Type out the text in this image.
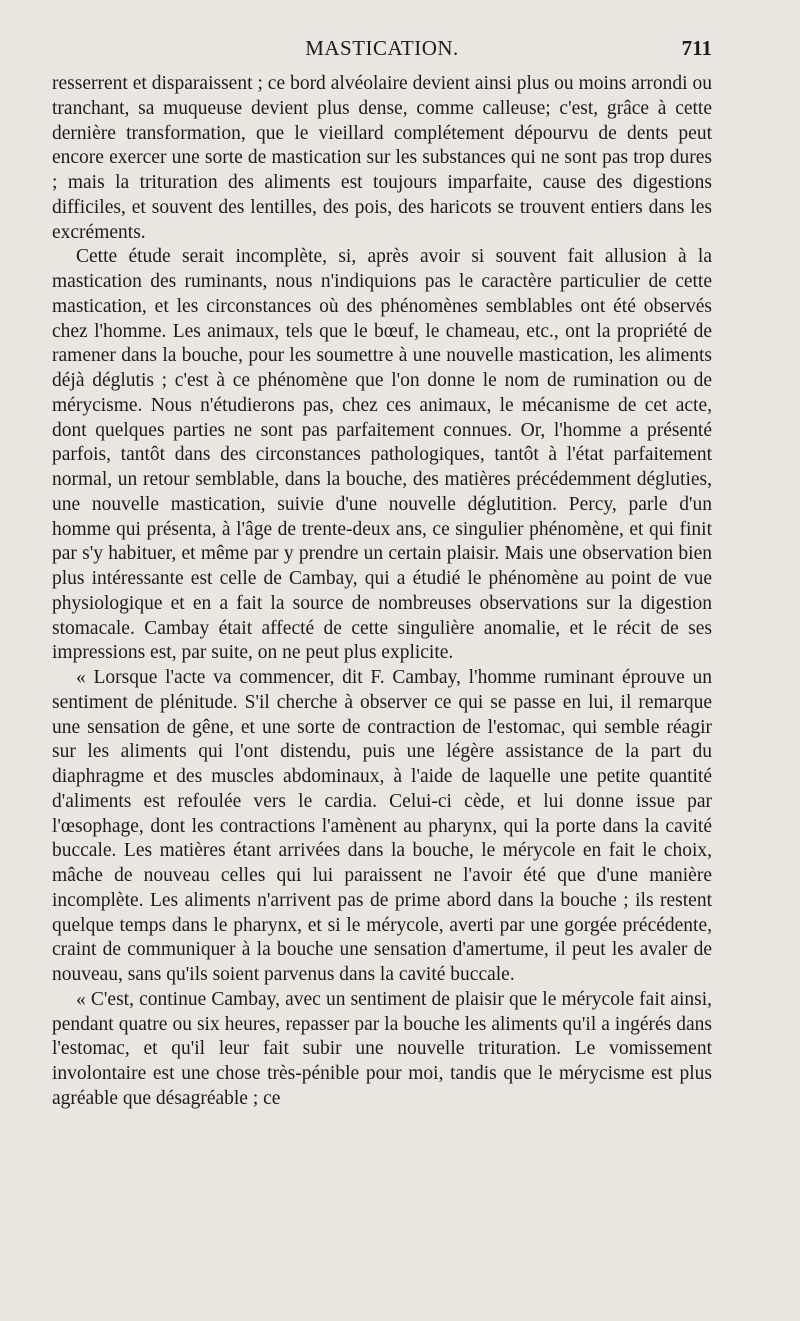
MASTICATION.	711

resserrent et disparaissent ; ce bord alvéolaire devient ainsi plus ou moins arrondi ou tranchant, sa muqueuse devient plus dense, comme calleuse; c'est, grâce à cette dernière transformation, que le vieillard complétement dépourvu de dents peut encore exercer une sorte de mastication sur les substances qui ne sont pas trop dures ; mais la trituration des aliments est toujours imparfaite, cause des digestions difficiles, et souvent des lentilles, des pois, des haricots se trouvent entiers dans les excréments.

Cette étude serait incomplète, si, après avoir si souvent fait allusion à la mastication des ruminants, nous n'indiquions pas le caractère particulier de cette mastication, et les circonstances où des phénomènes semblables ont été observés chez l'homme. Les animaux, tels que le bœuf, le chameau, etc., ont la propriété de ramener dans la bouche, pour les soumettre à une nouvelle mastication, les aliments déjà déglutis ; c'est à ce phénomène que l'on donne le nom de rumination ou de mérycisme. Nous n'étudierons pas, chez ces animaux, le mécanisme de cet acte, dont quelques parties ne sont pas parfaitement connues. Or, l'homme a présenté parfois, tantôt dans des circonstances pathologiques, tantôt à l'état parfaitement normal, un retour semblable, dans la bouche, des matières précédemment dégluties, une nouvelle mastication, suivie d'une nouvelle déglutition. Percy, parle d'un homme qui présenta, à l'âge de trente-deux ans, ce singulier phénomène, et qui finit par s'y habituer, et même par y prendre un certain plaisir. Mais une observation bien plus intéressante est celle de Cambay, qui a étudié le phénomène au point de vue physiologique et en a fait la source de nombreuses observations sur la digestion stomacale. Cambay était affecté de cette singulière anomalie, et le récit de ses impressions est, par suite, on ne peut plus explicite.

« Lorsque l'acte va commencer, dit F. Cambay, l'homme ruminant éprouve un sentiment de plénitude. S'il cherche à observer ce qui se passe en lui, il remarque une sensation de gêne, et une sorte de contraction de l'estomac, qui semble réagir sur les aliments qui l'ont distendu, puis une légère assistance de la part du diaphragme et des muscles abdominaux, à l'aide de laquelle une petite quantité d'aliments est refoulée vers le cardia. Celui-ci cède, et lui donne issue par l'œsophage, dont les contractions l'amènent au pharynx, qui la porte dans la cavité buccale. Les matières étant arrivées dans la bouche, le mérycole en fait le choix, mâche de nouveau celles qui lui paraissent ne l'avoir été que d'une manière incomplète. Les aliments n'arrivent pas de prime abord dans la bouche ; ils restent quelque temps dans le pharynx, et si le mérycole, averti par une gorgée précédente, craint de communiquer à la bouche une sensation d'amertume, il peut les avaler de nouveau, sans qu'ils soient parvenus dans la cavité buccale.

« C'est, continue Cambay, avec un sentiment de plaisir que le mérycole fait ainsi, pendant quatre ou six heures, repasser par la bouche les aliments qu'il a ingérés dans l'estomac, et qu'il leur fait subir une nouvelle trituration. Le vomissement involontaire est une chose très-pénible pour moi, tandis que le mérycisme est plus agréable que désagréable ; ce
